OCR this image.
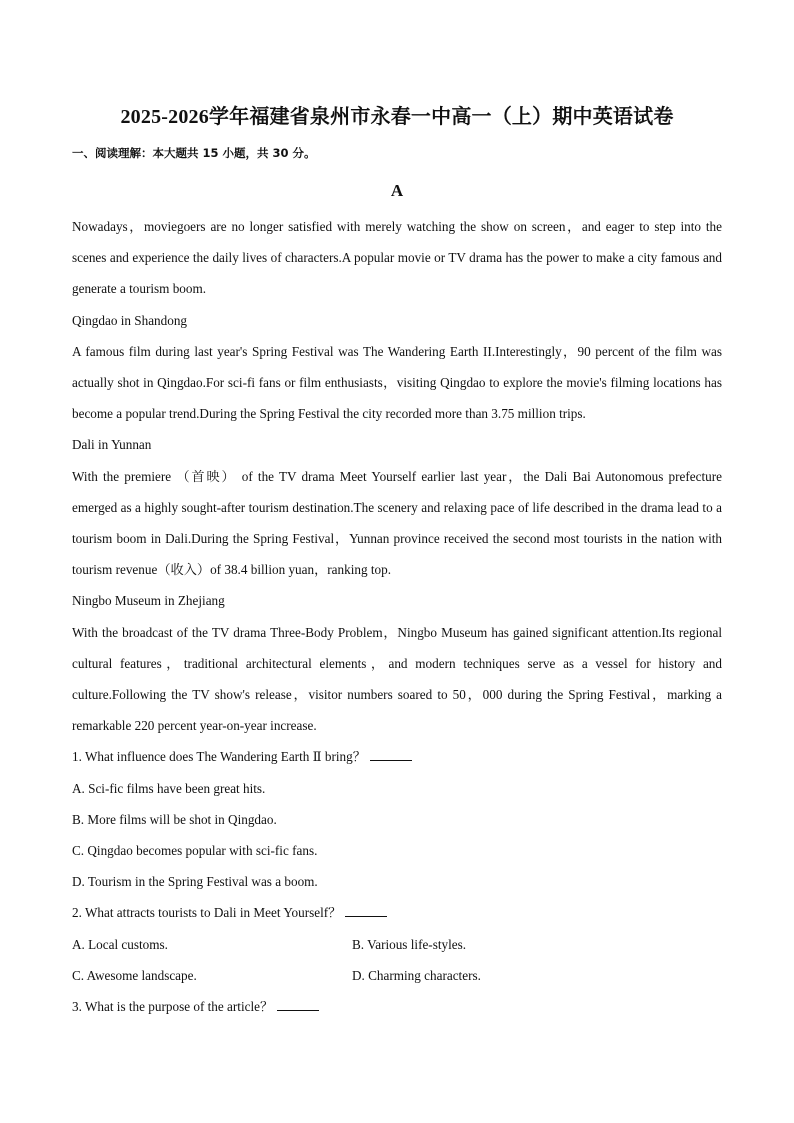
2025-2026学年福建省泉州市永春一中高一（上）期中英语试卷
一、阅读理解：本大题共 15 小题，共 30 分。
A

Nowadays，moviegoers are no longer satisfied with merely watching the show on screen，and eager to step into the scenes and experience the daily lives of characters.A popular movie or TV drama has the power to make a city famous and generate a tourism boom.

Qingdao in Shandong

A famous film during last year's Spring Festival was The Wandering Earth II.Interestingly，90 percent of the film was actually shot in Qingdao.For sci-fi fans or film enthusiasts，visiting Qingdao to explore the movie's filming locations has become a popular trend.During the Spring Festival the city recorded more than 3.75 million trips.

Dali in Yunnan

With the premiere （首映） of the TV drama Meet Yourself earlier last year，the Dali Bai Autonomous prefecture emerged as a highly sought-after tourism destination.The scenery and relaxing pace of life described in the drama lead to a tourism boom in Dali.During the Spring Festival，Yunnan province received the second most tourists in the nation with tourism revenue（收入）of 38.4 billion yuan，ranking top.

Ningbo Museum in Zhejiang

With the broadcast of the TV drama Three-Body Problem，Ningbo Museum has gained significant attention.Its regional cultural features，traditional architectural elements，and modern techniques serve as a vessel for history and culture.Following the TV show's release，visitor numbers soared to 50，000 during the Spring Festival，marking a remarkable 220 percent year-on-year increase.

1. What influence does The Wandering Earth Ⅱ bring？

A. Sci-fic films have been great hits.

B. More films will be shot in Qingdao.

C. Qingdao becomes popular with sci-fic fans.

D. Tourism in the Spring Festival was a boom.

2. What attracts tourists to Dali in Meet Yourself？

A. Local customs.	B. Various life-styles.
C. Awesome landscape.	D. Charming characters.

3. What is the purpose of the article？
